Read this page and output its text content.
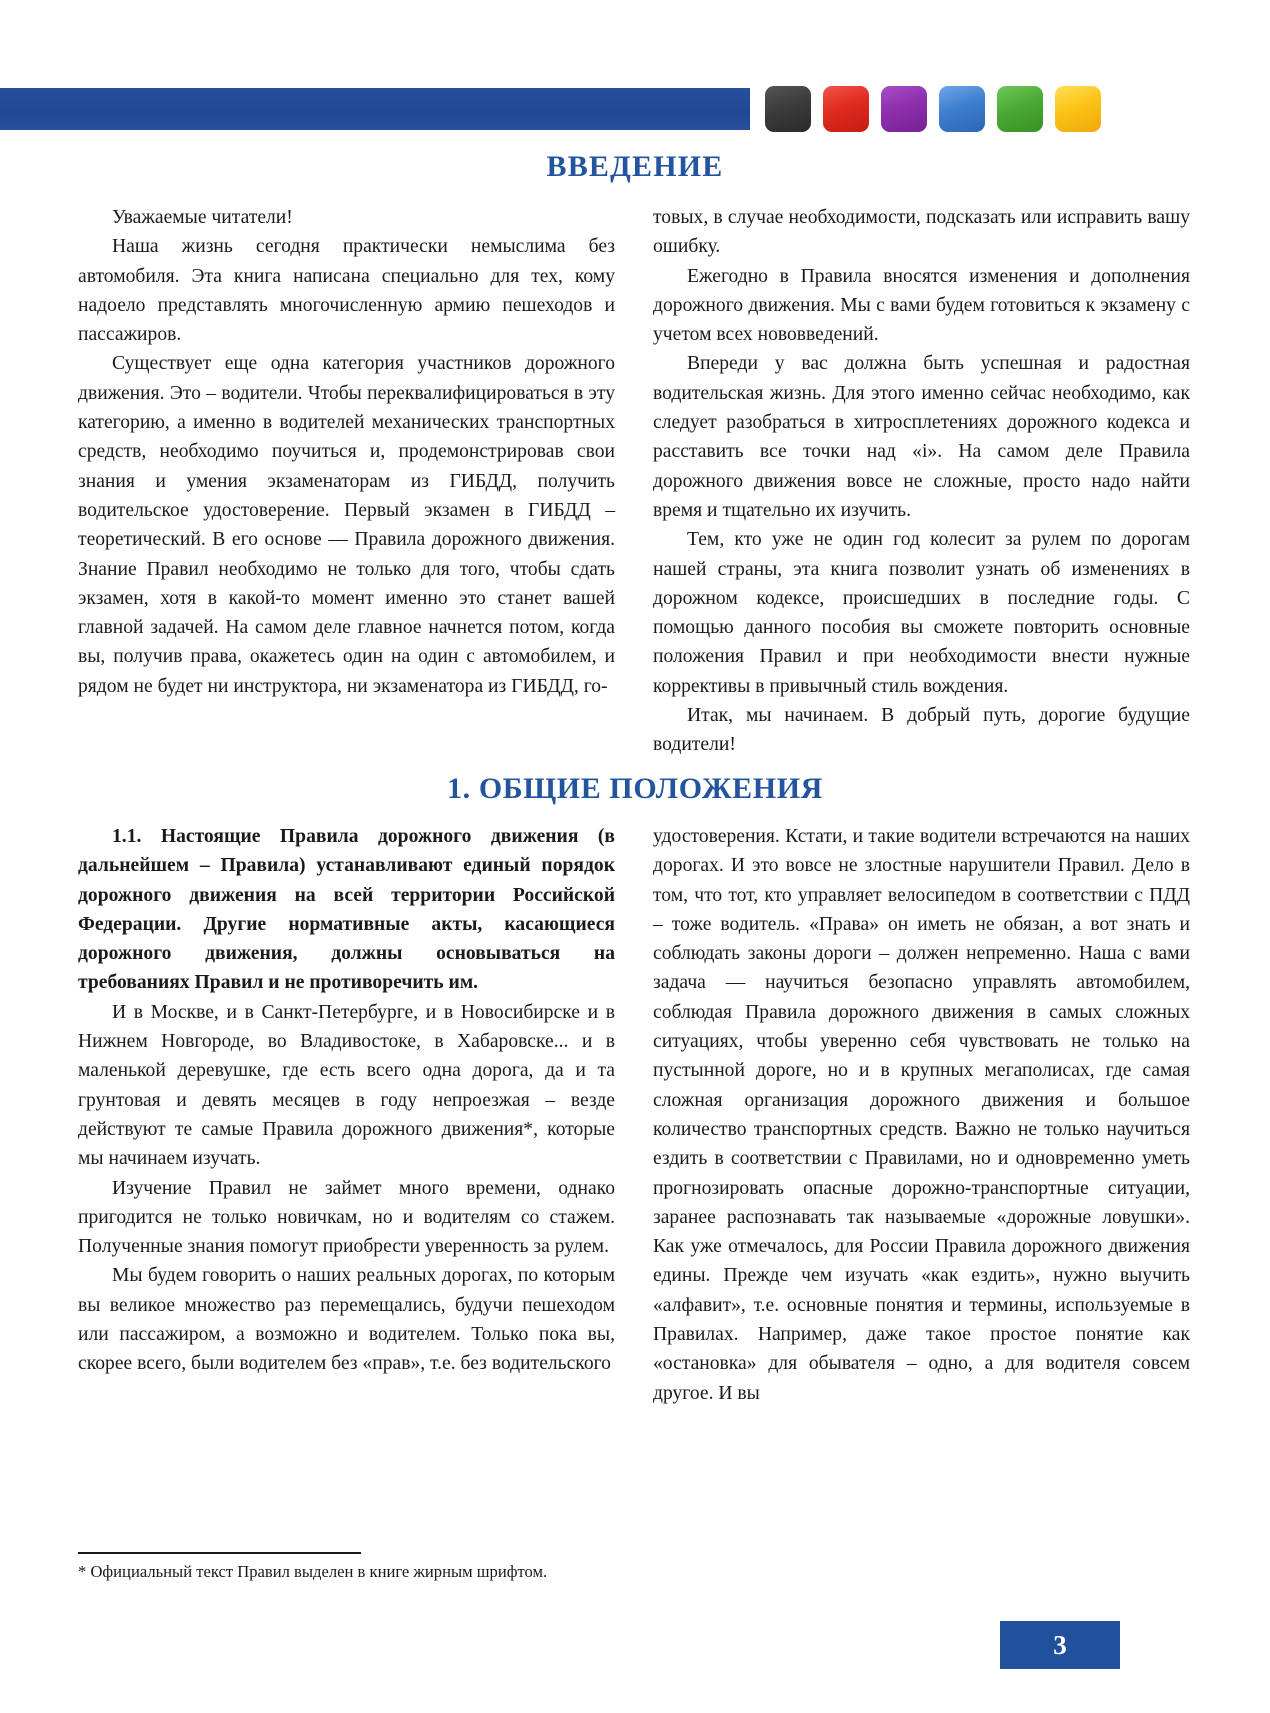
ВВЕДЕНИЕ

Уважаемые читатели!

Наша жизнь сегодня практически немыслима без автомобиля. Эта книга написана специально для тех, кому надоело представлять многочисленную армию пешеходов и пассажиров.

Существует еще одна категория участников дорожного движения. Это – водители. Чтобы переквалифицироваться в эту категорию, а именно в водителей механических транспортных средств, необходимо поучиться и, продемонстрировав свои знания и умения экзаменаторам из ГИБДД, получить водительское удостоверение. Первый экзамен в ГИБДД – теоретический. В его основе — Правила дорожного движения. Знание Правил необходимо не только для того, чтобы сдать экзамен, хотя в какой-то момент именно это станет вашей главной задачей. На самом деле главное начнется потом, когда вы, получив права, окажетесь один на один с автомобилем, и рядом не будет ни инструктора, ни экзаменатора из ГИБДД, го-

товых, в случае необходимости, подсказать или исправить вашу ошибку.

Ежегодно в Правила вносятся изменения и дополнения дорожного движения. Мы с вами будем готовиться к экзамену с учетом всех нововведений.

Впереди у вас должна быть успешная и радостная водительская жизнь. Для этого именно сейчас необходимо, как следует разобраться в хитросплетениях дорожного кодекса и расставить все точки над «i». На самом деле Правила дорожного движения вовсе не сложные, просто надо найти время и тщательно их изучить.

Тем, кто уже не один год колесит за рулем по дорогам нашей страны, эта книга позволит узнать об изменениях в дорожном кодексе, происшедших в последние годы. С помощью данного пособия вы сможете повторить основные положения Правил и при необходимости внести нужные коррективы в привычный стиль вождения.

Итак, мы начинаем. В добрый путь, дорогие будущие водители!

1. ОБЩИЕ ПОЛОЖЕНИЯ

1.1. Настоящие Правила дорожного движения (в дальнейшем – Правила) устанавливают единый порядок дорожного движения на всей территории Российской Федерации. Другие нормативные акты, касающиеся дорожного движения, должны основываться на требованиях Правил и не противоречить им.

И в Москве, и в Санкт-Петербурге, и в Новосибирске и в Нижнем Новгороде, во Владивостоке, в Хабаровске... и в маленькой деревушке, где есть всего одна дорога, да и та грунтовая и девять месяцев в году непроезжая – везде действуют те самые Правила дорожного движения*, которые мы начинаем изучать.

Изучение Правил не займет много времени, однако пригодится не только новичкам, но и водителям со стажем. Полученные знания помогут приобрести уверенность за рулем.

Мы будем говорить о наших реальных дорогах, по которым вы великое множество раз перемещались, будучи пешеходом или пассажиром, а возможно и водителем. Только пока вы, скорее всего, были водителем без «прав», т.е. без водительского

удостоверения. Кстати, и такие водители встречаются на наших дорогах. И это вовсе не злостные нарушители Правил. Дело в том, что тот, кто управляет велосипедом в соответствии с ПДД – тоже водитель. «Права» он иметь не обязан, а вот знать и соблюдать законы дороги – должен непременно. Наша с вами задача — научиться безопасно управлять автомобилем, соблюдая Правила дорожного движения в самых сложных ситуациях, чтобы уверенно себя чувствовать не только на пустынной дороге, но и в крупных мегаполисах, где самая сложная организация дорожного движения и большое количество транспортных средств. Важно не только научиться ездить в соответствии с Правилами, но и одновременно уметь прогнозировать опасные дорожно-транспортные ситуации, заранее распознавать так называемые «дорожные ловушки». Как уже отмечалось, для России Правила дорожного движения едины. Прежде чем изучать «как ездить», нужно выучить «алфавит», т.е. основные понятия и термины, используемые в Правилах. Например, даже такое простое понятие как «остановка» для обывателя – одно, а для водителя совсем другое. И вы

* Официальный текст Правил выделен в книге жирным шрифтом.
3
